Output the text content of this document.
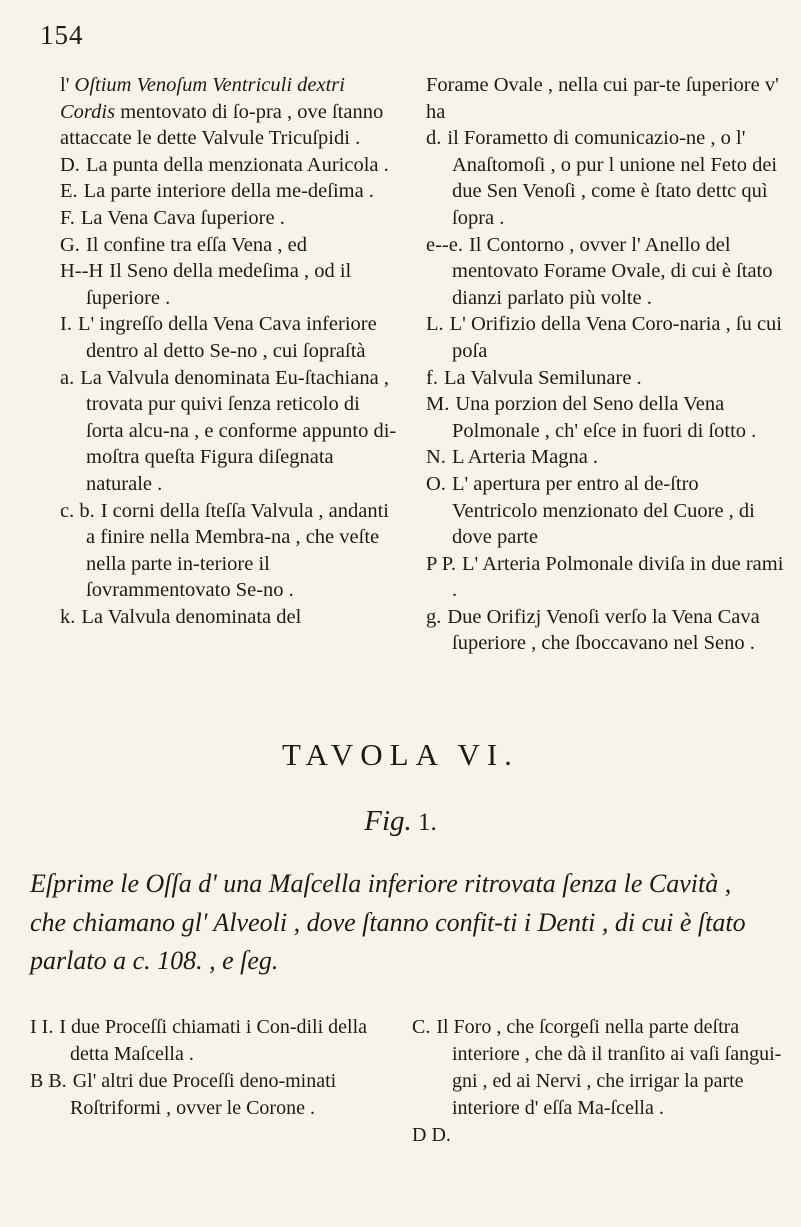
154

l' Oſtium Venoſum Ventriculi dextri Cordis mentovato di ſo-pra , ove ſtanno attaccate le dette Valvule Tricuſpidi .

D. La punta della menzionata Auricola .

E. La parte interiore della me-deſima .

F. La Vena Cava ſuperiore .

G. Il confine tra eſſa Vena , ed

H--H Il Seno della medeſima , od il ſuperiore .

I. L' ingreſſo della Vena Cava inferiore dentro al detto Se-no , cui ſopraſtà

a. La Valvula denominata Eu-ſtachiana , trovata pur quivi ſenza reticolo di ſorta alcu-na , e conforme appunto di-moſtra queſta Figura diſegnata naturale .

c. b. I corni della ſteſſa Valvula , andanti a finire nella Membra-na , che veſte nella parte in-teriore il ſovrammentovato Se-no .

k. La Valvula denominata del

Forame Ovale , nella cui par-te ſuperiore v' ha

d. il Forametto di comunicazio-ne , o l' Anaſtomoſi , o pur l unione nel Feto dei due Sen Venoſi , come è ſtato dettc quì ſopra .

e--e. Il Contorno , ovver l' Anello del mentovato Forame Ovale, di cui è ſtato dianzi parlato più volte .

L. L' Orifizio della Vena Coro-naria , ſu cui poſa

f. La Valvula Semilunare .

M. Una porzion del Seno della Vena Polmonale , ch' eſce in fuori di ſotto .

N. L Arteria Magna .

O. L' apertura per entro al de-ſtro Ventricolo menzionato del Cuore , di dove parte

P P. L' Arteria Polmonale diviſa in due rami .

g. Due Orifizj Venoſi verſo la Vena Cava ſuperiore , che ſboccavano nel Seno .

TAVOLA VI.
Fig. 1.
Eſprime le Oſſa d' una Maſcella inferiore ritrovata ſenza le Cavità , che chiamano gl' Alveoli , dove ſtanno confit-ti i Denti , di cui è ſtato parlato a c. 108. , e ſeg.

I I. I due Proceſſi chiamati i Con-dili della detta Maſcella .

B B. Gl' altri due Proceſſi deno-minati Roſtriformi , ovver le Corone .

C. Il Foro , che ſcorgeſi nella parte deſtra interiore , che dà il tranſito ai vaſi ſangui-gni , ed ai Nervi , che irrigar la parte interiore d' eſſa Ma-ſcella .

D D.
